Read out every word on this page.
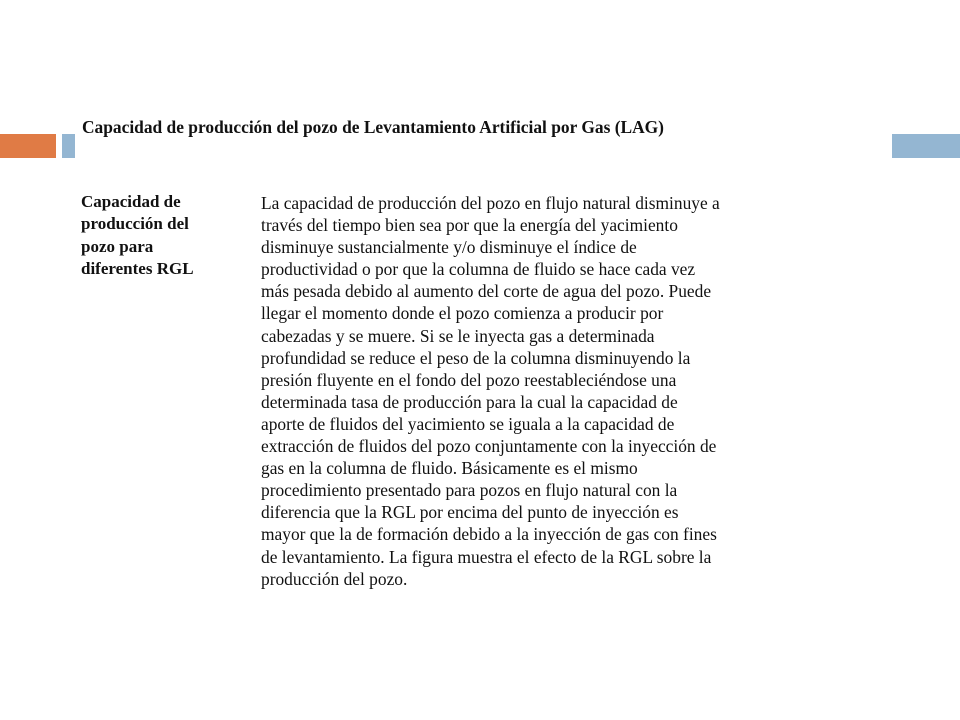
Capacidad de producción del pozo de Levantamiento Artificial por Gas (LAG)
Capacidad de
producción del
pozo para
diferentes RGL
La capacidad de producción del pozo en flujo natural disminuye a
través del tiempo bien sea por que la energía del yacimiento
disminuye sustancialmente y/o disminuye el índice de
productividad o por que la columna de fluido se hace cada vez
más pesada debido al aumento del corte de agua del pozo. Puede
llegar el momento donde el pozo comienza a producir por
cabezadas y se muere. Si se le inyecta gas a determinada
profundidad se reduce el peso de la columna disminuyendo la
presión fluyente en el fondo del pozo reestableciéndose una
determinada tasa de producción para la cual la capacidad de
aporte de fluidos del yacimiento se iguala a la capacidad de
extracción de fluidos del pozo conjuntamente con la inyección de
gas en la columna de fluido. Básicamente es el mismo
procedimiento presentado para pozos en flujo natural con la
diferencia que la RGL por encima del punto de inyección es
mayor que la de formación debido a la inyección de gas con fines
de levantamiento. La figura muestra el efecto de la RGL sobre la
producción del pozo.
